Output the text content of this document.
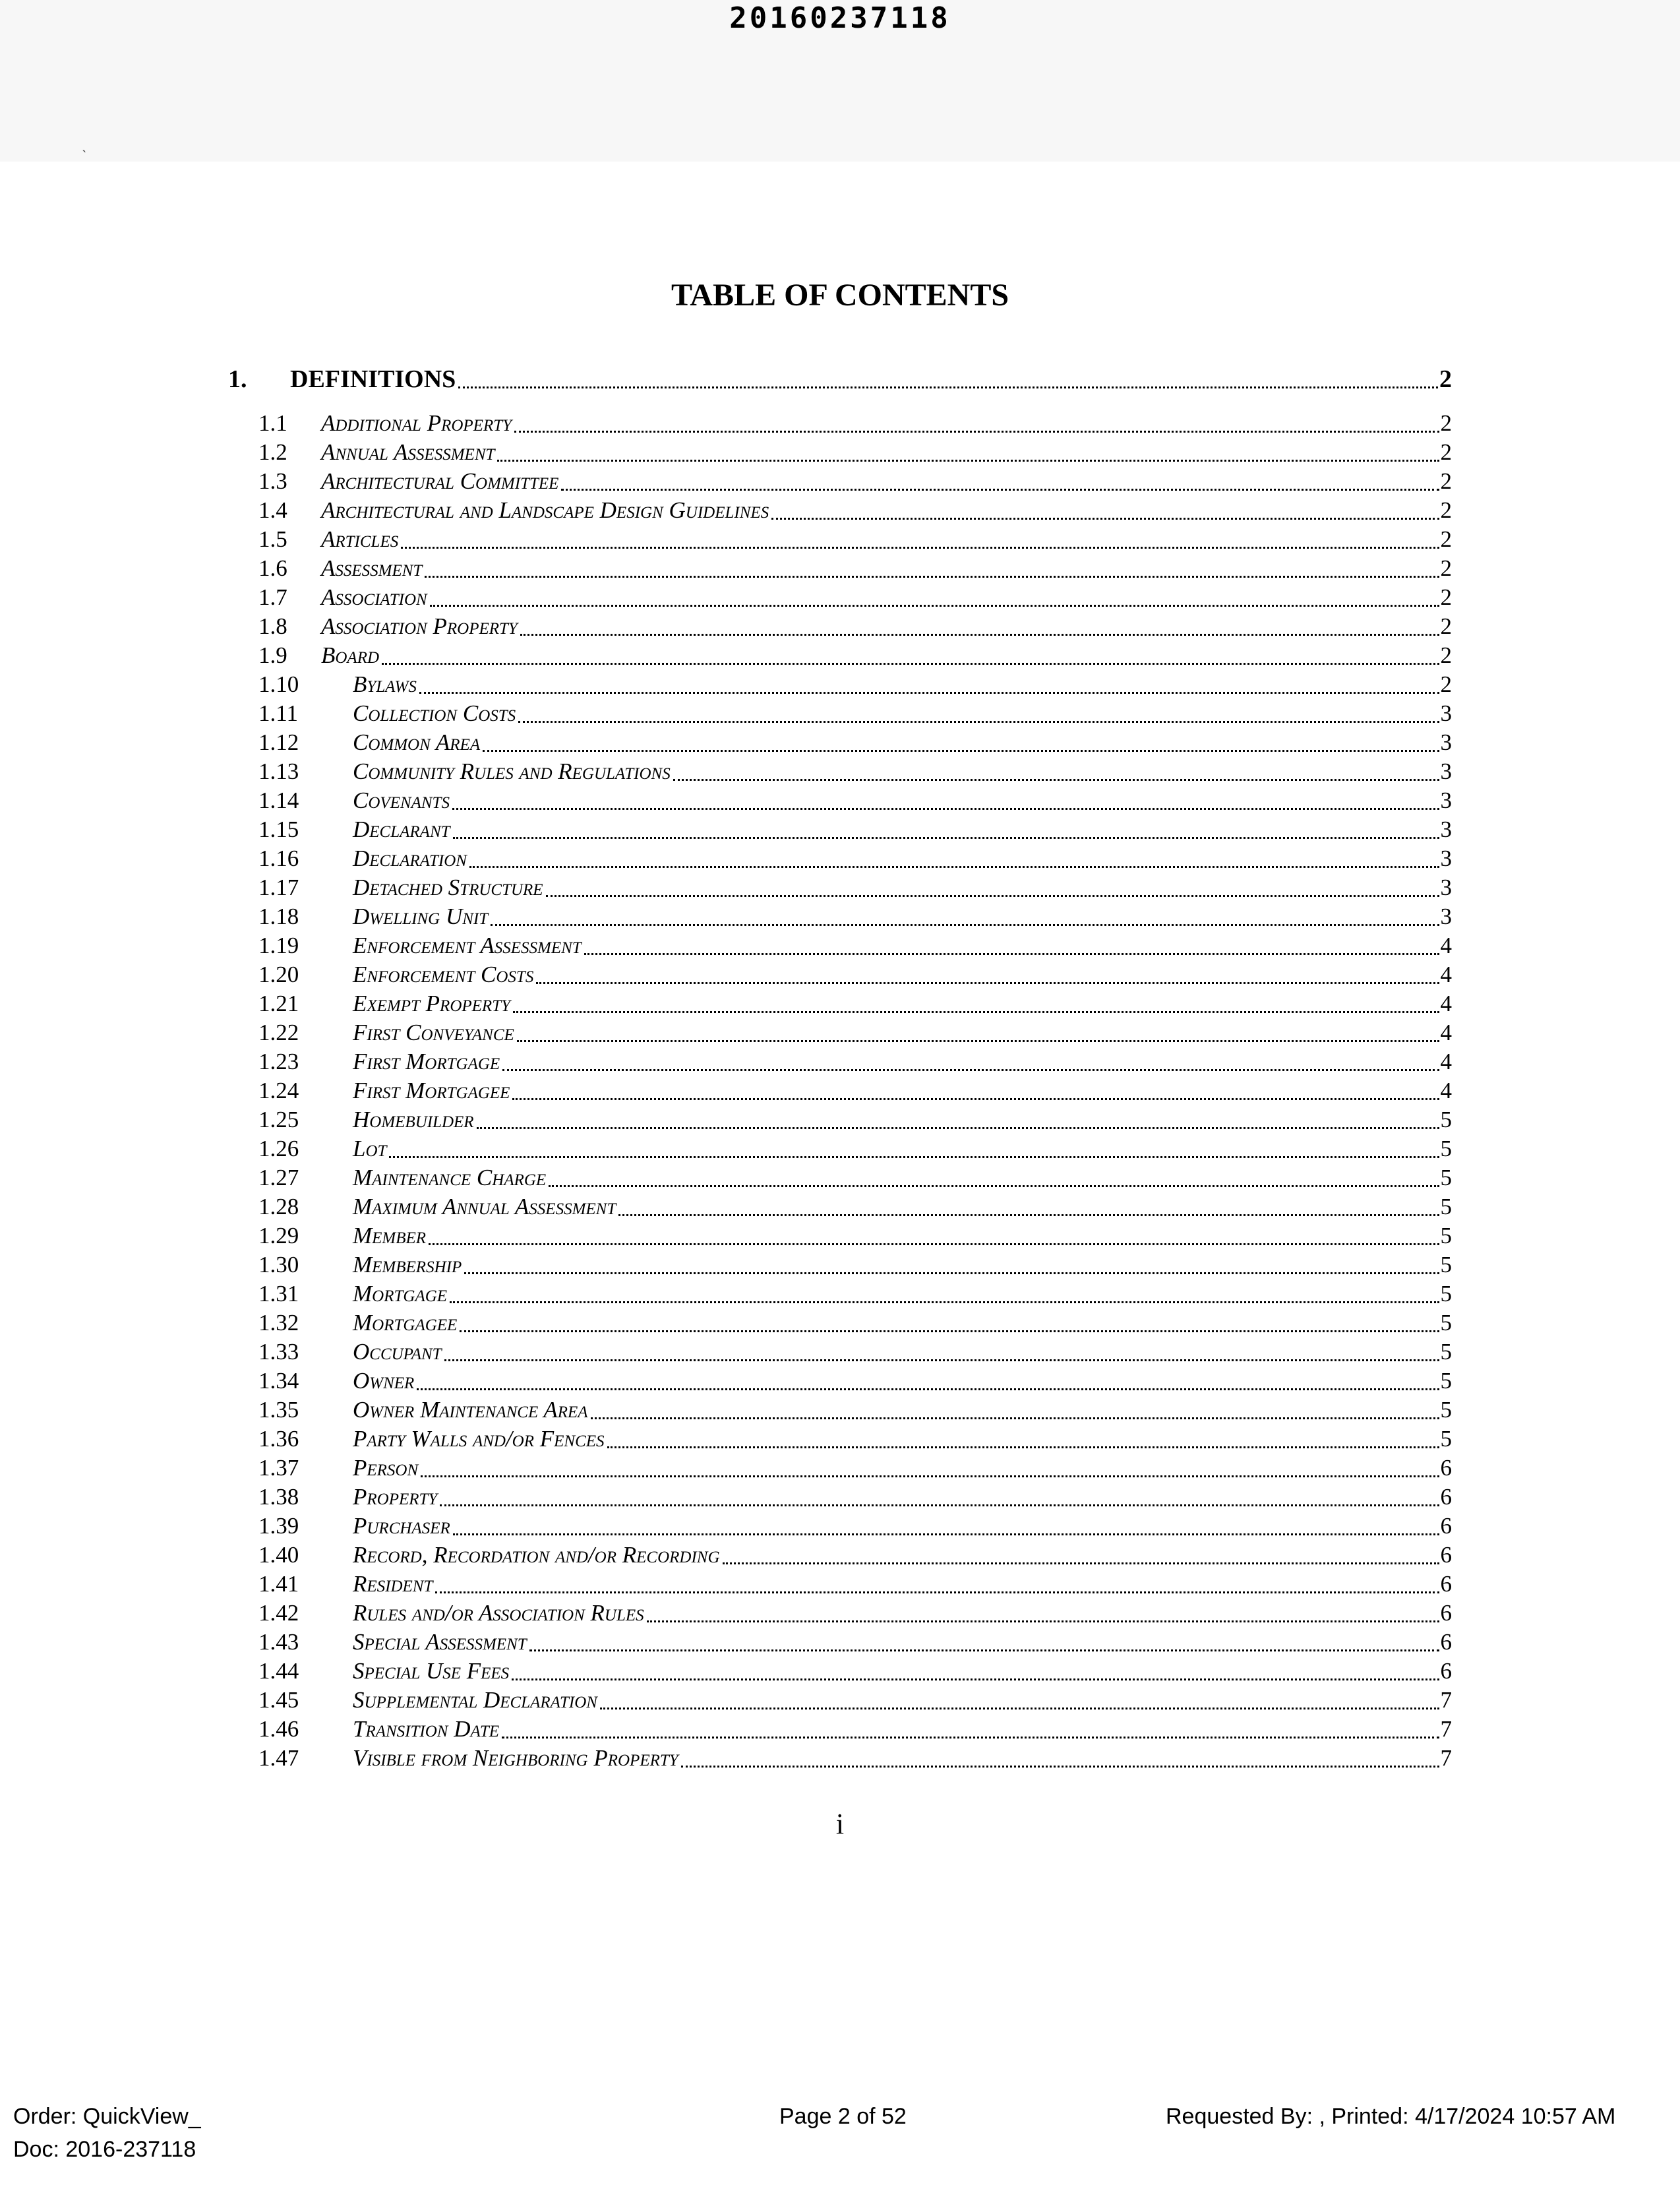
20160237118
˴
TABLE OF CONTENTS
1. DEFINITIONS	2
1.1 Additional Property	2
1.2 Annual Assessment	2
1.3 Architectural Committee	2
1.4 Architectural and Landscape Design Guidelines	2
1.5 Articles	2
1.6 Assessment	2
1.7 Association	2
1.8 Association Property	2
1.9 Board	2
1.10 Bylaws	2
1.11 Collection Costs	3
1.12 Common Area	3
1.13 Community Rules and Regulations	3
1.14 Covenants	3
1.15 Declarant	3
1.16 Declaration	3
1.17 Detached Structure	3
1.18 Dwelling Unit	3
1.19 Enforcement Assessment	4
1.20 Enforcement Costs	4
1.21 Exempt Property	4
1.22 First Conveyance	4
1.23 First Mortgage	4
1.24 First Mortgagee	4
1.25 Homebuilder	5
1.26 Lot	5
1.27 Maintenance Charge	5
1.28 Maximum Annual Assessment	5
1.29 Member	5
1.30 Membership	5
1.31 Mortgage	5
1.32 Mortgagee	5
1.33 Occupant	5
1.34 Owner	5
1.35 Owner Maintenance Area	5
1.36 Party Walls and/or Fences	5
1.37 Person	6
1.38 Property	6
1.39 Purchaser	6
1.40 Record, Recordation and/or Recording	6
1.41 Resident	6
1.42 Rules and/or Association Rules	6
1.43 Special Assessment	6
1.44 Special Use Fees	6
1.45 Supplemental Declaration	7
1.46 Transition Date	7
1.47 Visible from Neighboring Property	7
i
Order: QuickView_
Doc: 2016-237118
Page 2 of 52	Requested By: , Printed: 4/17/2024 10:57 AM
